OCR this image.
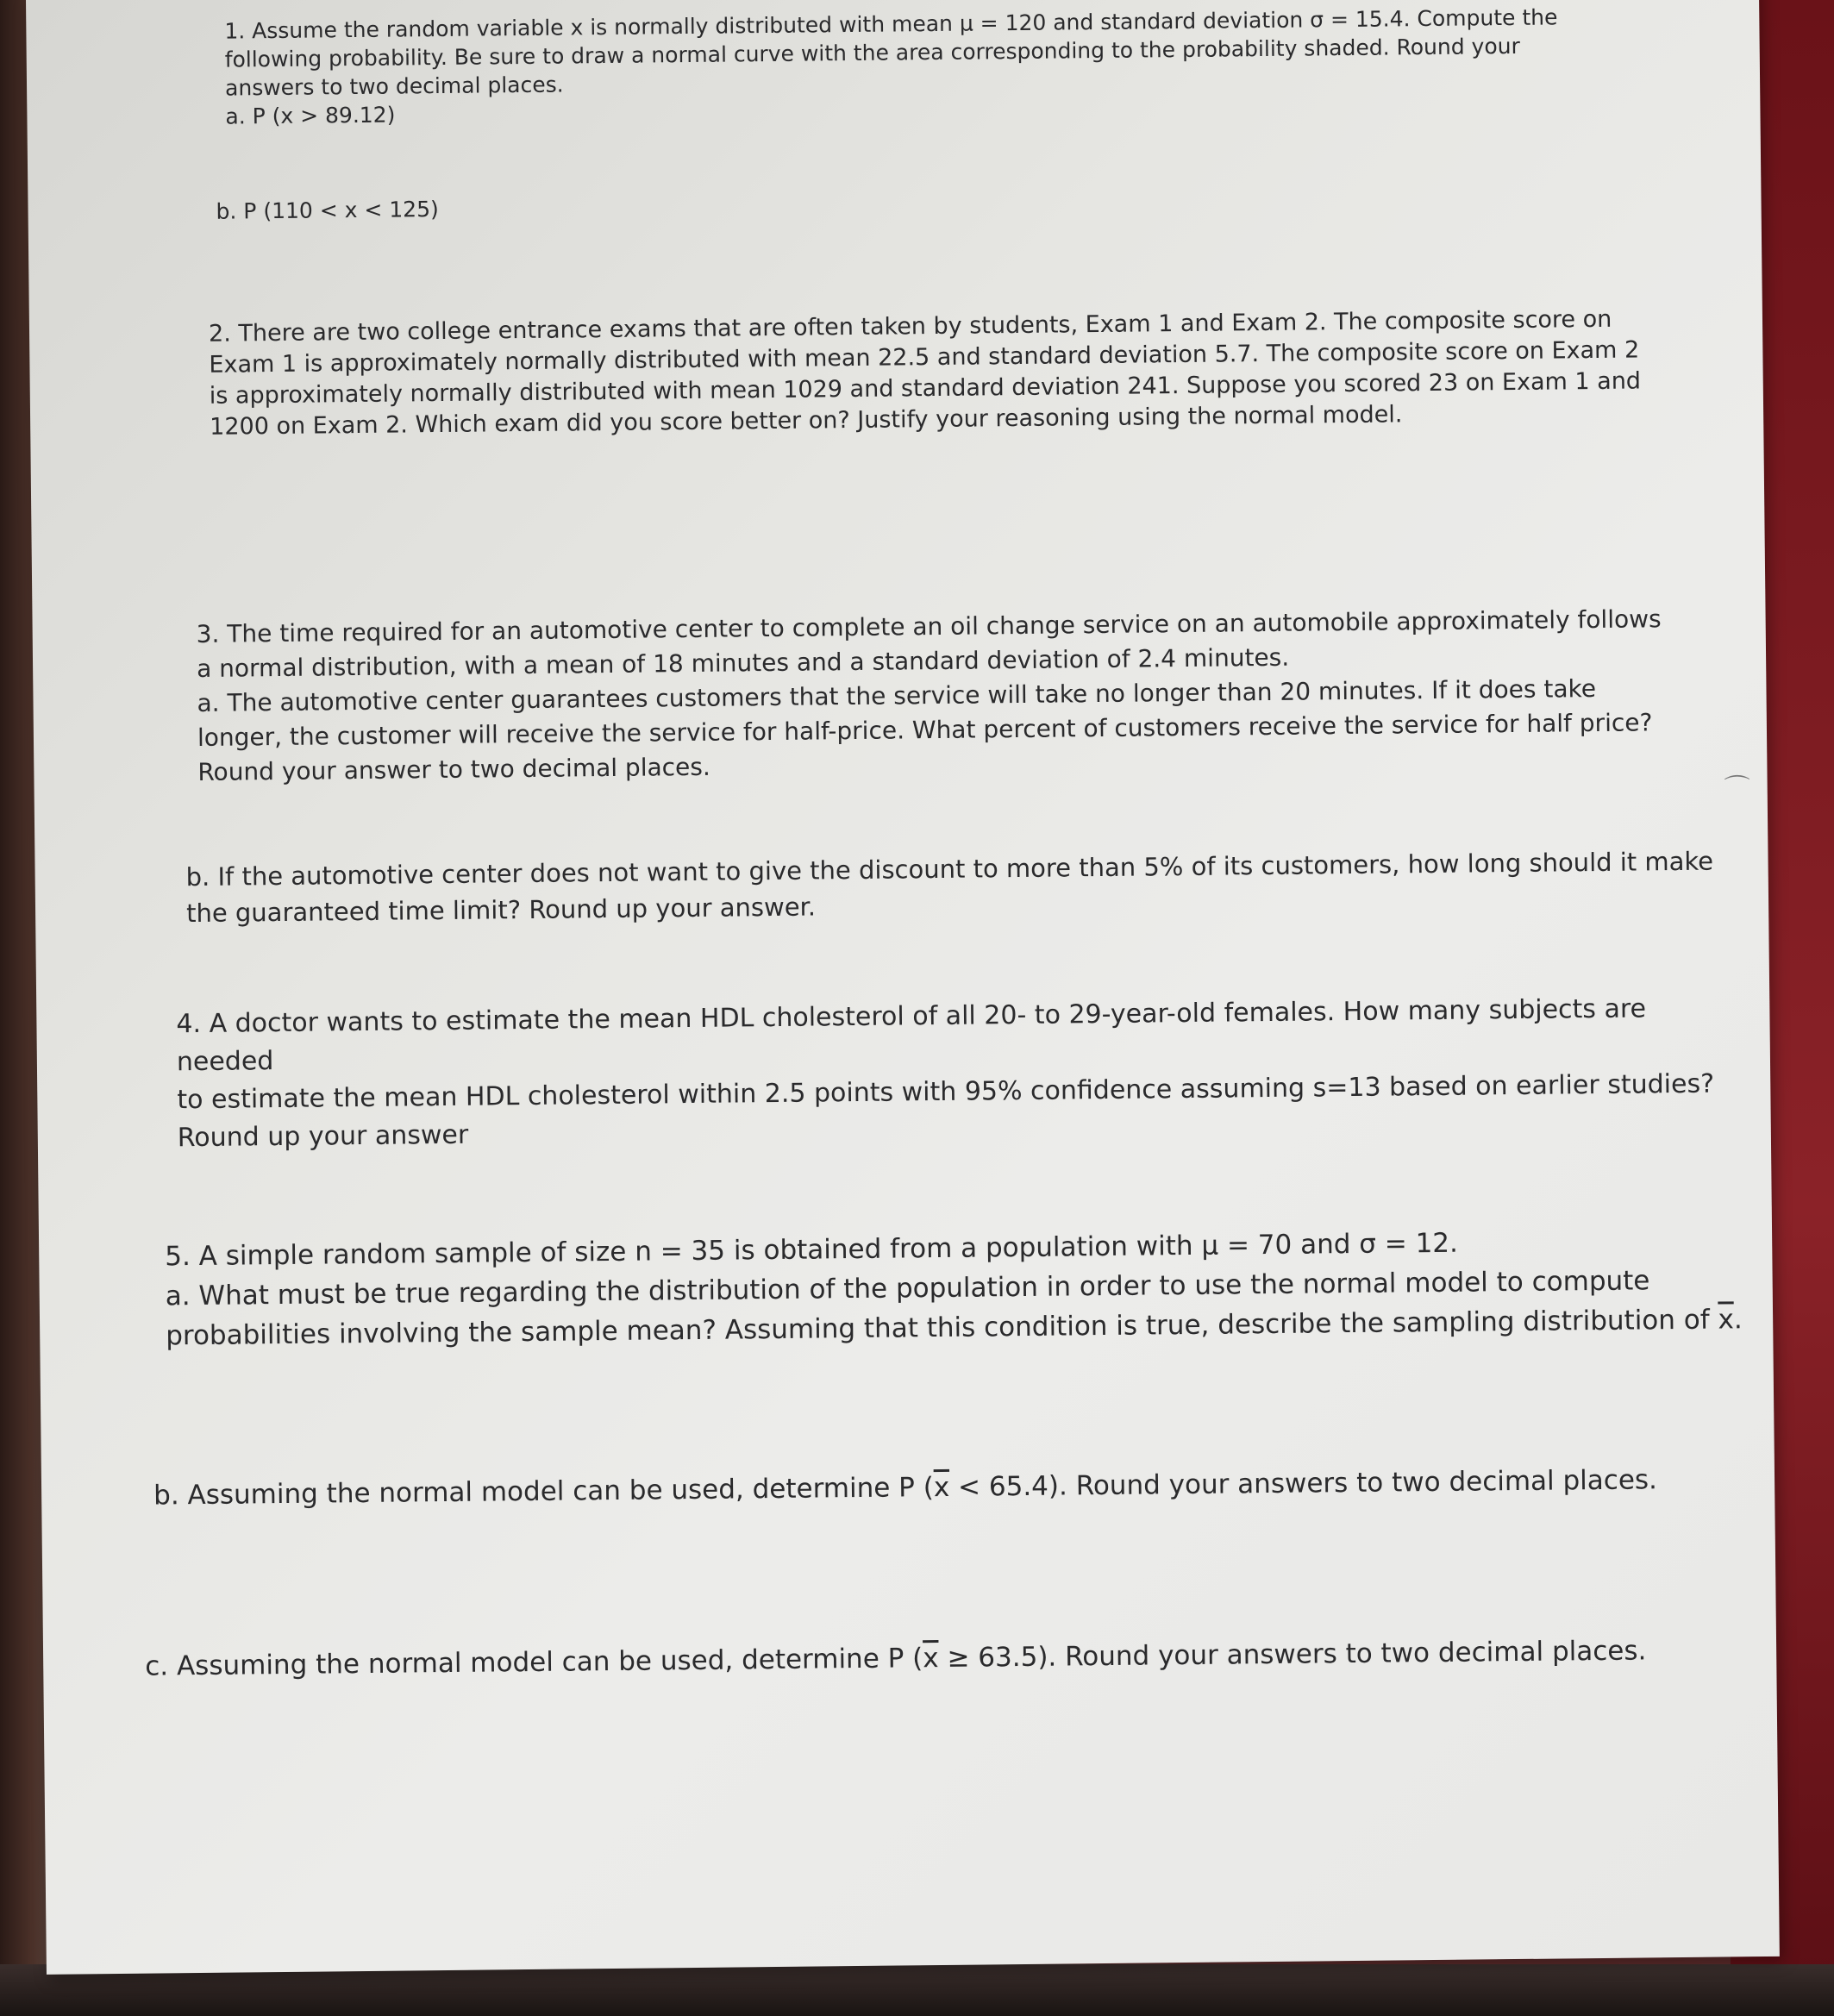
1. Assume the random variable x is normally distributed with mean μ = 120 and standard deviation σ = 15.4. Compute the

following probability. Be sure to draw a normal curve with the area corresponding to the probability shaded. Round your

answers to two decimal places.

a. P (x > 89.12)

b. P (110 < x < 125)

2. There are two college entrance exams that are often taken by students, Exam 1 and Exam 2. The composite score on

Exam 1 is approximately normally distributed with mean 22.5 and standard deviation 5.7. The composite score on Exam 2

is approximately normally distributed with mean 1029 and standard deviation 241. Suppose you scored 23 on Exam 1 and

1200 on Exam 2. Which exam did you score better on? Justify your reasoning using the normal model.

3. The time required for an automotive center to complete an oil change service on an automobile approximately follows

a normal distribution, with a mean of 18 minutes and a standard deviation of 2.4 minutes.

a. The automotive center guarantees customers that the service will take no longer than 20 minutes. If it does take

longer, the customer will receive the service for half-price. What percent of customers receive the service for half price?

Round your answer to two decimal places.

b. If the automotive center does not want to give the discount to more than 5% of its customers, how long should it make

the guaranteed time limit? Round up your answer.

4. A doctor wants to estimate the mean HDL cholesterol of all 20- to 29-year-old females. How many subjects are needed

to estimate the mean HDL cholesterol within 2.5 points with 95% confidence assuming s=13 based on earlier studies?

Round up your answer

5. A simple random sample of size n = 35 is obtained from a population with μ = 70 and σ = 12.

a. What must be true regarding the distribution of the population in order to use the normal model to compute

probabilities involving the sample mean? Assuming that this condition is true, describe the sampling distribution of $\overline{x}$.

b. Assuming the normal model can be used, determine P $(\overline{x} < 65.4)$. Round your answers to two decimal places.

c. Assuming the normal model can be used, determine P $(\overline{x} \ge 63.5)$. Round your answers to two decimal places.

⌒
